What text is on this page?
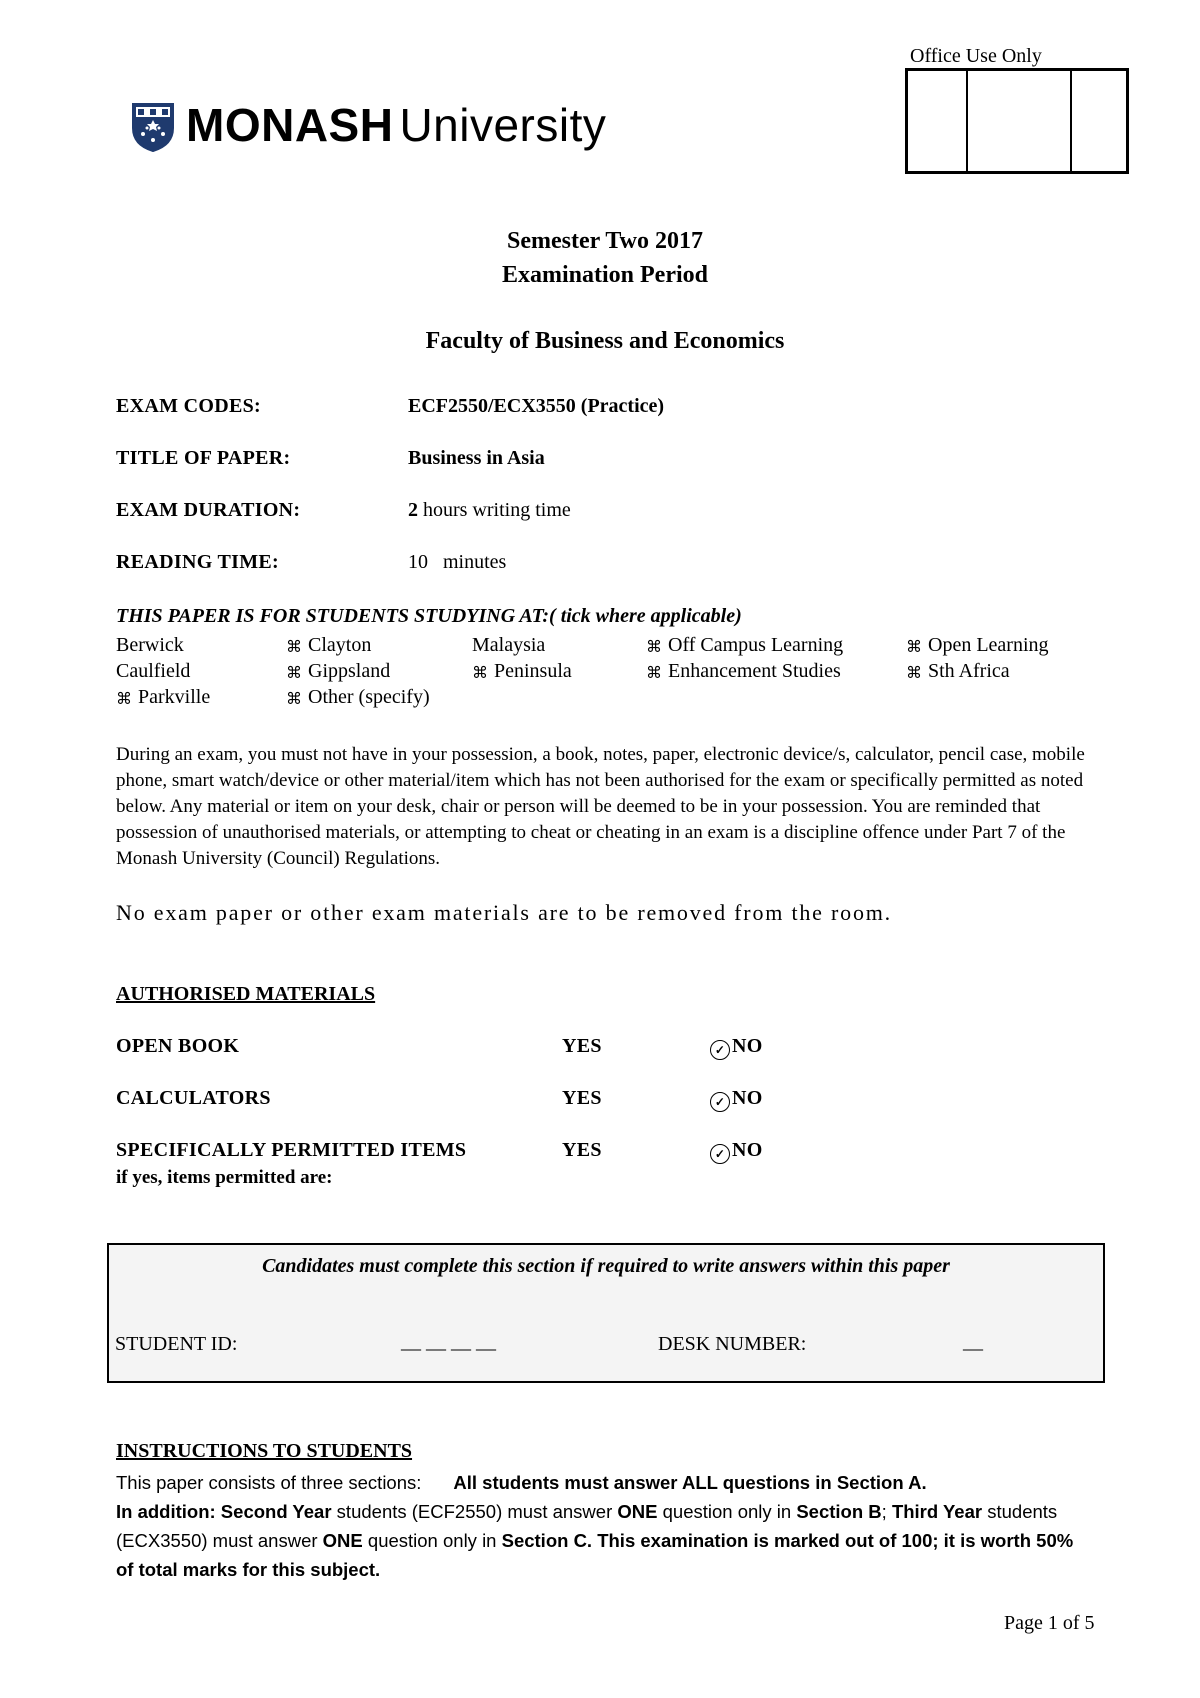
MONASH University
Office Use Only
Semester Two 2017
Examination Period
Faculty of Business and Economics
EXAM CODES:	ECF2550/ECX3550 (Practice)
TITLE OF PAPER:	Business in Asia
EXAM DURATION:	2 hours writing time
READING TIME:	10   minutes
THIS PAPER IS FOR STUDENTS STUDYING AT:( tick where applicable)
Berwick	⌘ Clayton	Malaysia	⌘ Off Campus Learning	⌘ Open Learning
Caulfield	⌘ Gippsland	⌘ Peninsula	⌘ Enhancement Studies	⌘ Sth Africa
⌘ Parkville	⌘ Other (specify)
During an exam, you must not have in your possession, a book, notes, paper, electronic device/s, calculator, pencil case, mobile phone, smart watch/device or other material/item which has not been authorised for the exam or specifically permitted as noted below. Any material or item on your desk, chair or person will be deemed to be in your possession. You are reminded that possession of unauthorised materials, or attempting to cheat or cheating in an exam is a discipline offence under Part 7 of the Monash University (Council) Regulations.
No exam paper or other exam materials are to be removed from the room.
AUTHORISED MATERIALS
OPEN BOOK	YES	✓ NO
CALCULATORS	YES	✓ NO
SPECIFICALLY PERMITTED ITEMS	YES	✓ NO
if yes, items permitted are:
Candidates must complete this section if required to write answers within this paper
STUDENT ID:	__ __ __ __	DESK NUMBER:	__
INSTRUCTIONS TO STUDENTS
This paper consists of three sections: All students must answer ALL questions in Section A.
In addition: Second Year students (ECF2550) must answer ONE question only in Section B; Third Year students (ECX3550) must answer ONE question only in Section C. This examination is marked out of 100; it is worth 50% of total marks for this subject.
Page 1 of 5
